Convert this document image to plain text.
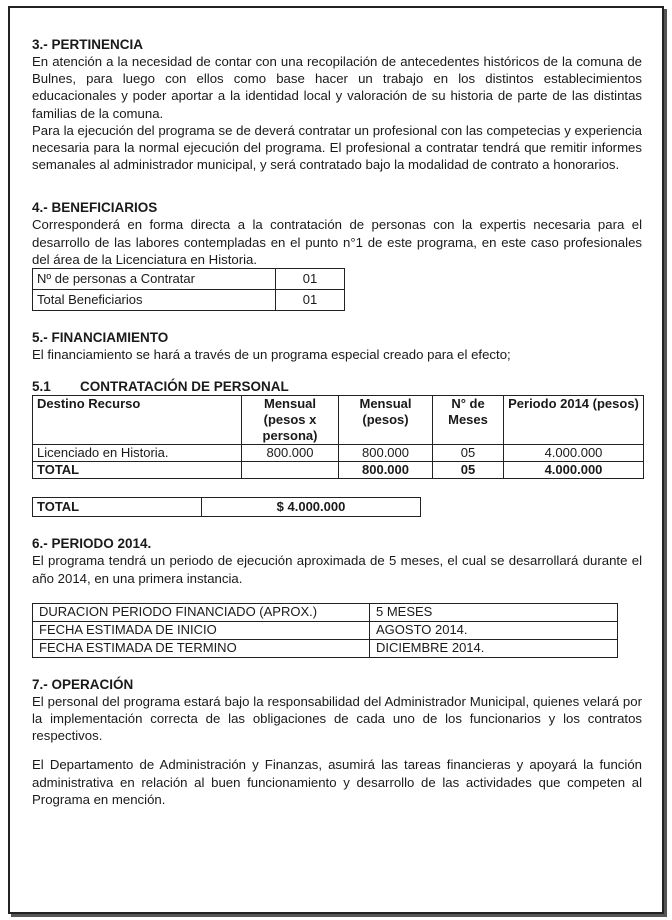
3.- PERTINENCIA

En atención a la necesidad de contar con una recopilación de antecedentes históricos de la comuna de Bulnes, para luego con ellos como base hacer un trabajo en los distintos establecimientos educacionales y poder aportar a la identidad local y valoración de su historia de parte de las distintas familias de la comuna.

Para la ejecución del programa se de deverá contratar un profesional con las competecias y experiencia necesaria para la normal ejecución del programa. El profesional a contratar tendrá que remitir informes semanales al administrador municipal, y será contratado bajo la modalidad de contrato a honorarios.

4.- BENEFICIARIOS

Corresponderá en forma directa a la contratación de personas con la expertis necesaria para el desarrollo de las labores contempladas en el punto n°1 de este programa, en este caso profesionales del área de la Licenciatura en Historia.

Nº de personas a Contratar	01
Total Beneficiarios	01

5.- FINANCIAMIENTO

El financiamiento se hará a través de un programa especial creado para el efecto;

5.1 CONTRATACIÓN DE PERSONAL

Destino Recurso	Mensual (pesos x persona)	Mensual (pesos)	N° de Meses	Periodo 2014 (pesos)
Licenciado en Historia.	800.000	800.000	05	4.000.000
TOTAL		800.000	05	4.000.000
TOTAL	$ 4.000.000

6.- PERIODO 2014.

El programa tendrá un periodo de ejecución aproximada de 5 meses, el cual se desarrollará durante el año 2014, en una primera instancia.

DURACION PERIODO FINANCIADO (APROX.)	5 MESES
FECHA ESTIMADA DE INICIO	AGOSTO 2014.
FECHA ESTIMADA DE TERMINO	DICIEMBRE 2014.

7.- OPERACIÓN

El personal del programa estará bajo la responsabilidad del Administrador Municipal, quienes velará por la implementación correcta de las obligaciones de cada uno de los funcionarios y los contratos respectivos.

El Departamento de Administración y Finanzas, asumirá las tareas financieras y apoyará la función administrativa en relación al buen funcionamiento y desarrollo de las actividades que competen al Programa en mención.
